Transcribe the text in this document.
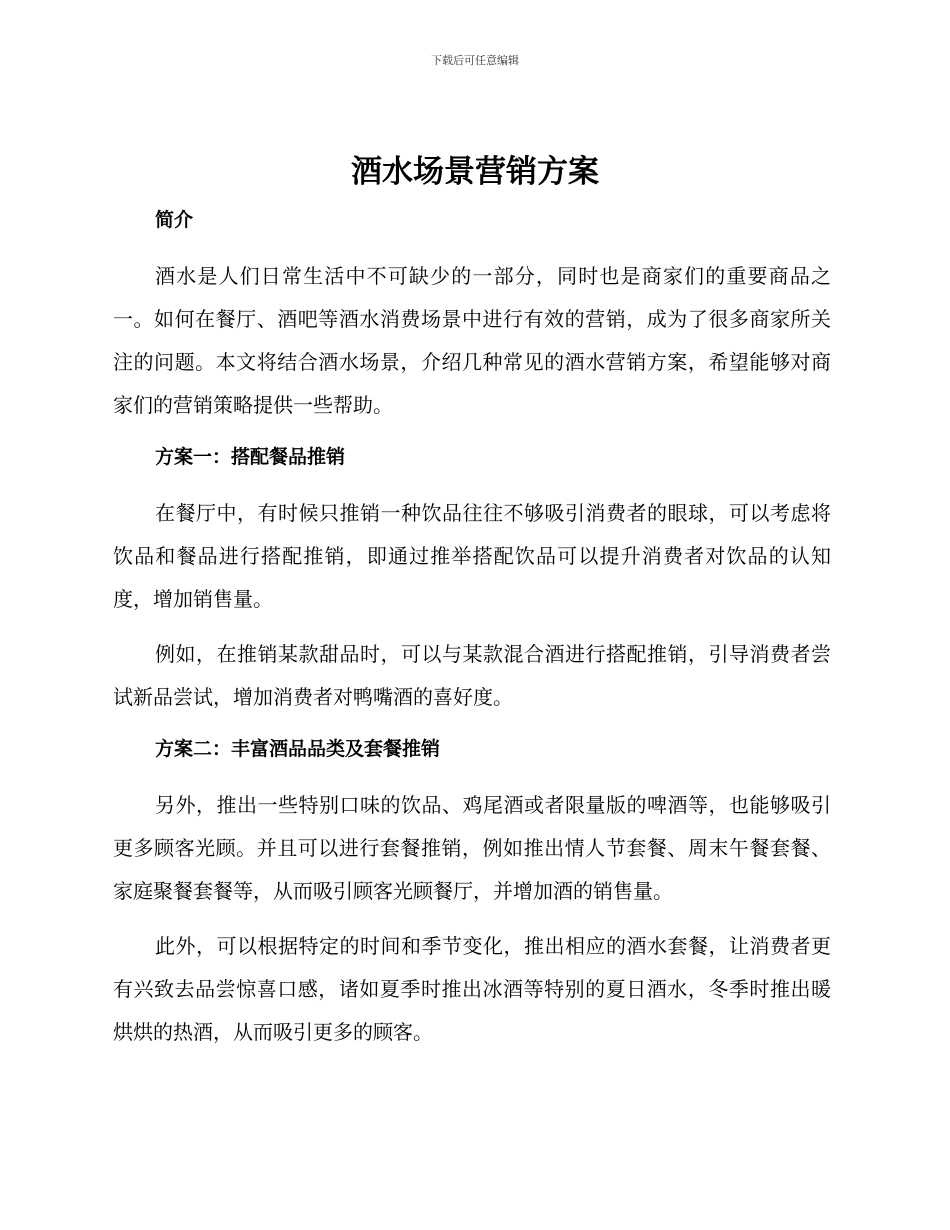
下载后可任意编辑
酒水场景营销方案
简介

酒水是人们日常生活中不可缺少的一部分，同时也是商家们的重要商品之一。如何在餐厅、酒吧等酒水消费场景中进行有效的营销，成为了很多商家所关注的问题。本文将结合酒水场景，介绍几种常见的酒水营销方案，希望能够对商家们的营销策略提供一些帮助。

方案一：搭配餐品推销

在餐厅中，有时候只推销一种饮品往往不够吸引消费者的眼球，可以考虑将饮品和餐品进行搭配推销，即通过推举搭配饮品可以提升消费者对饮品的认知度，增加销售量。

例如，在推销某款甜品时，可以与某款混合酒进行搭配推销，引导消费者尝试新品尝试，增加消费者对鸭嘴酒的喜好度。

方案二：丰富酒品品类及套餐推销

另外，推出一些特别口味的饮品、鸡尾酒或者限量版的啤酒等，也能够吸引更多顾客光顾。并且可以进行套餐推销，例如推出情人节套餐、周末午餐套餐、家庭聚餐套餐等，从而吸引顾客光顾餐厅，并增加酒的销售量。

此外，可以根据特定的时间和季节变化，推出相应的酒水套餐，让消费者更有兴致去品尝惊喜口感，诸如夏季时推出冰酒等特别的夏日酒水，冬季时推出暖烘烘的热酒，从而吸引更多的顾客。
